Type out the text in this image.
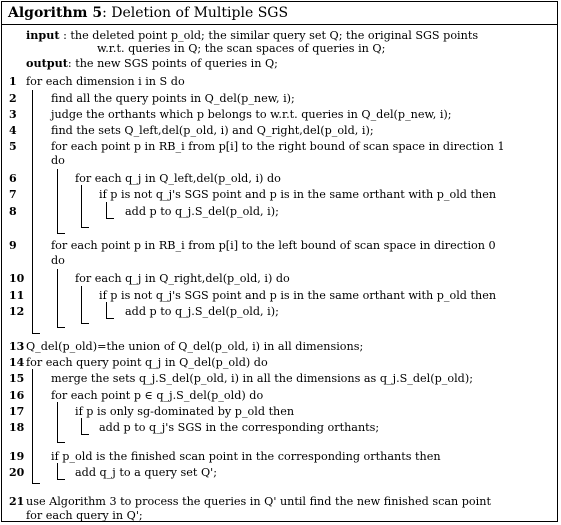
Algorithm 5: Deletion of Multiple SGS
input : the deleted point p_old; the similar query set Q; the original SGS points
w.r.t. queries in Q; the scan spaces of queries in Q;
output: the new SGS points of queries in Q;
1
2
3
4
5
6
7
8
9
10
11
12
13
14
15
16
17
18
19
20
21
for each dimension i in S do
find all the query points in Q_del(p_new, i);
judge the orthants which p belongs to w.r.t. queries in Q_del(p_new, i);
find the sets Q_left,del(p_old, i) and Q_right,del(p_old, i);
for each point p in RB_i from p[i] to the right bound of scan space in direction 1
do
for each q_j in Q_left,del(p_old, i) do
if p is not q_j's SGS point and p is in the same orthant with p_old then
add p to q_j.S_del(p_old, i);
for each point p in RB_i from p[i] to the left bound of scan space in direction 0
do
for each q_j in Q_right,del(p_old, i) do
if p is not q_j's SGS point and p is in the same orthant with p_old then
add p to q_j.S_del(p_old, i);
Q_del(p_old)=the union of Q_del(p_old, i) in all dimensions;
for each query point q_j in Q_del(p_old) do
merge the sets q_j.S_del(p_old, i) in all the dimensions as q_j.S_del(p_old);
for each point p ∈ q_j.S_del(p_old) do
if p is only sg-dominated by p_old then
add p to q_j's SGS in the corresponding orthants;
if p_old is the finished scan point in the corresponding orthants then
add q_j to a query set Q';
use Algorithm 3 to process the queries in Q' until find the new finished scan point
for each query in Q';
